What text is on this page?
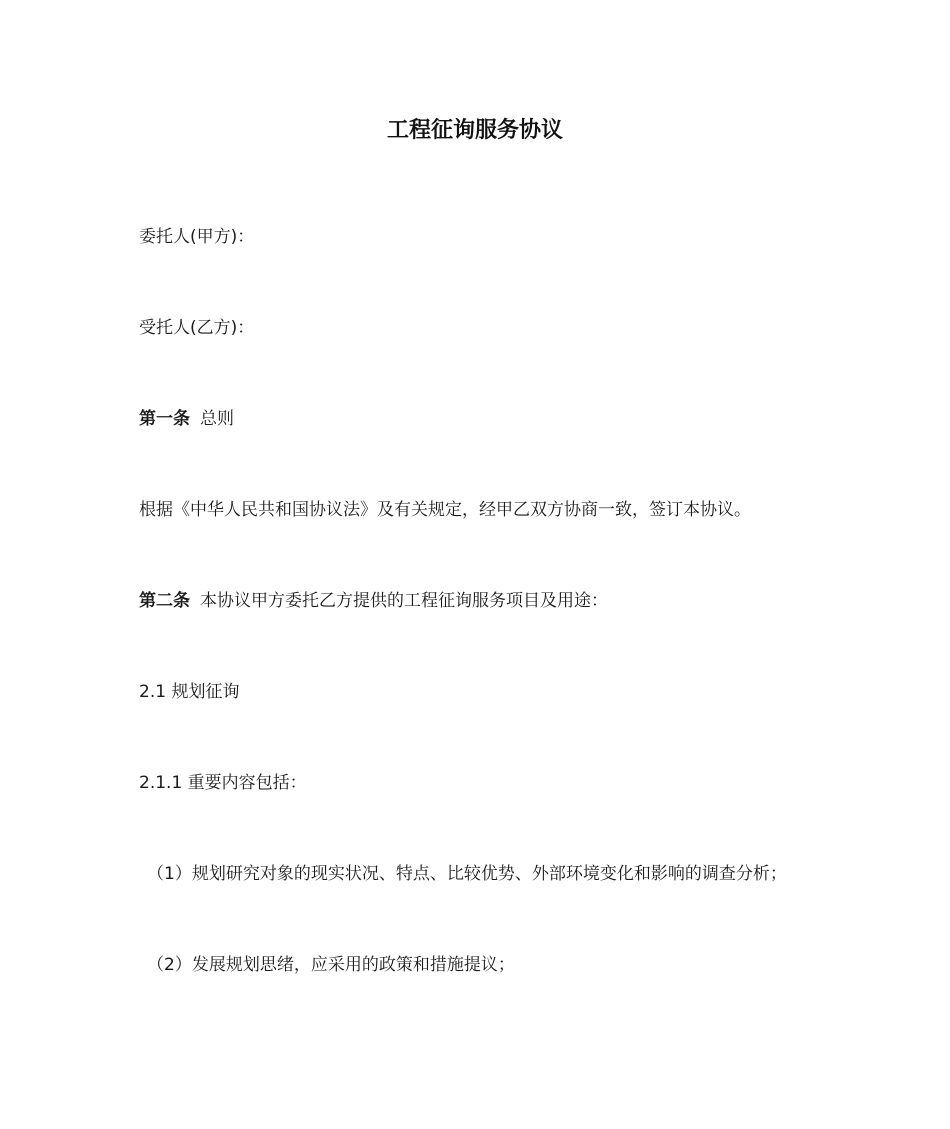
工程征询服务协议
委托人(甲方)：
受托人(乙方)：
第一条 总则
根据《中华人民共和国协议法》及有关规定，经甲乙双方协商一致，签订本协议。
第二条 本协议甲方委托乙方提供的工程征询服务项目及用途：
2.1 规划征询
2.1.1 重要内容包括：
（1）规划研究对象的现实状况、特点、比较优势、外部环境变化和影响的调查分析；
（2）发展规划思绪，应采用的政策和措施提议；
